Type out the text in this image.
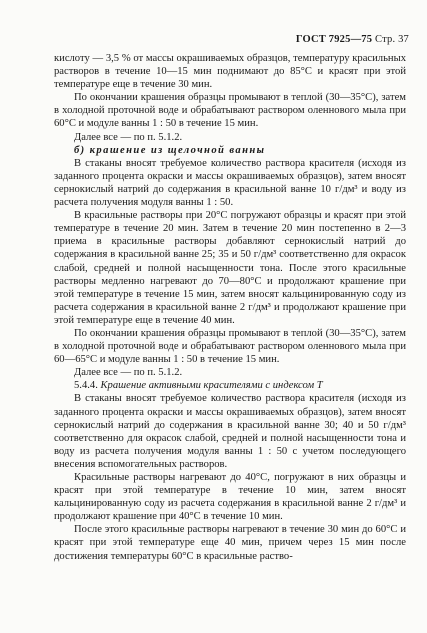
ГОСТ 7925—75 Стр. 37

кислоту — 3,5 % от массы окрашиваемых образцов, температуру красильных растворов в течение 10—15 мин поднимают до 85°С и красят при этой температуре еще в течение 30 мин.

По окончании крашения образцы промывают в теплой (30—35°С), затем в холодной проточной воде и обрабатывают раствором оленнового мыла при 60°С и модуле ванны 1 : 50 в течение 15 мин.

Далее все — по п. 5.1.2.

б) крашение из щелочной ванны

В стаканы вносят требуемое количество раствора красителя (исходя из заданного процента окраски и массы окрашиваемых образцов), затем вносят сернокислый натрий до содержания в красильной ванне 10 г/дм³ и воду из расчета получения модуля ванны 1 : 50.

В красильные растворы при 20°С погружают образцы и красят при этой температуре в течение 20 мин. Затем в течение 20 мин постепенно в 2—3 приема в красильные растворы добавляют сернокислый натрий до содержания в красильной ванне 25; 35 и 50 г/дм³ соответственно для окрасок слабой, средней и полной насыщенности тона. После этого красильные растворы медленно нагревают до 70—80°С и продолжают крашение при этой температуре в течение 15 мин, затем вносят кальцинированную соду из расчета содержания в красильной ванне 2 г/дм³ и продолжают крашение при этой температуре еще в течение 40 мин.

По окончании крашения образцы промывают в теплой (30—35°С), затем в холодной проточной воде и обрабатывают раствором оленнового мыла при 60—65°С и модуле ванны 1 : 50 в течение 15 мин.

Далее все — по п. 5.1.2.

5.4.4. Крашение активными красителями с индексом Т

В стаканы вносят требуемое количество раствора красителя (исходя из заданного процента окраски и массы окрашиваемых образцов), затем вносят сернокислый натрий до содержания в красильной ванне 30; 40 и 50 г/дм³ соответственно для окрасок слабой, средней и полной насыщенности тона и воду из расчета получения модуля ванны 1 : 50 с учетом последующего внесения вспомогательных растворов.

Красильные растворы нагревают до 40°С, погружают в них образцы и красят при этой температуре в течение 10 мин, затем вносят кальцинированную соду из расчета содержания в красильной ванне 2 г/дм³ и продолжают крашение при 40°С в течение 10 мин.

После этого красильные растворы нагревают в течение 30 мин до 60°С и красят при этой температуре еще 40 мин, причем через 15 мин после достижения температуры 60°С в красильные раство-
